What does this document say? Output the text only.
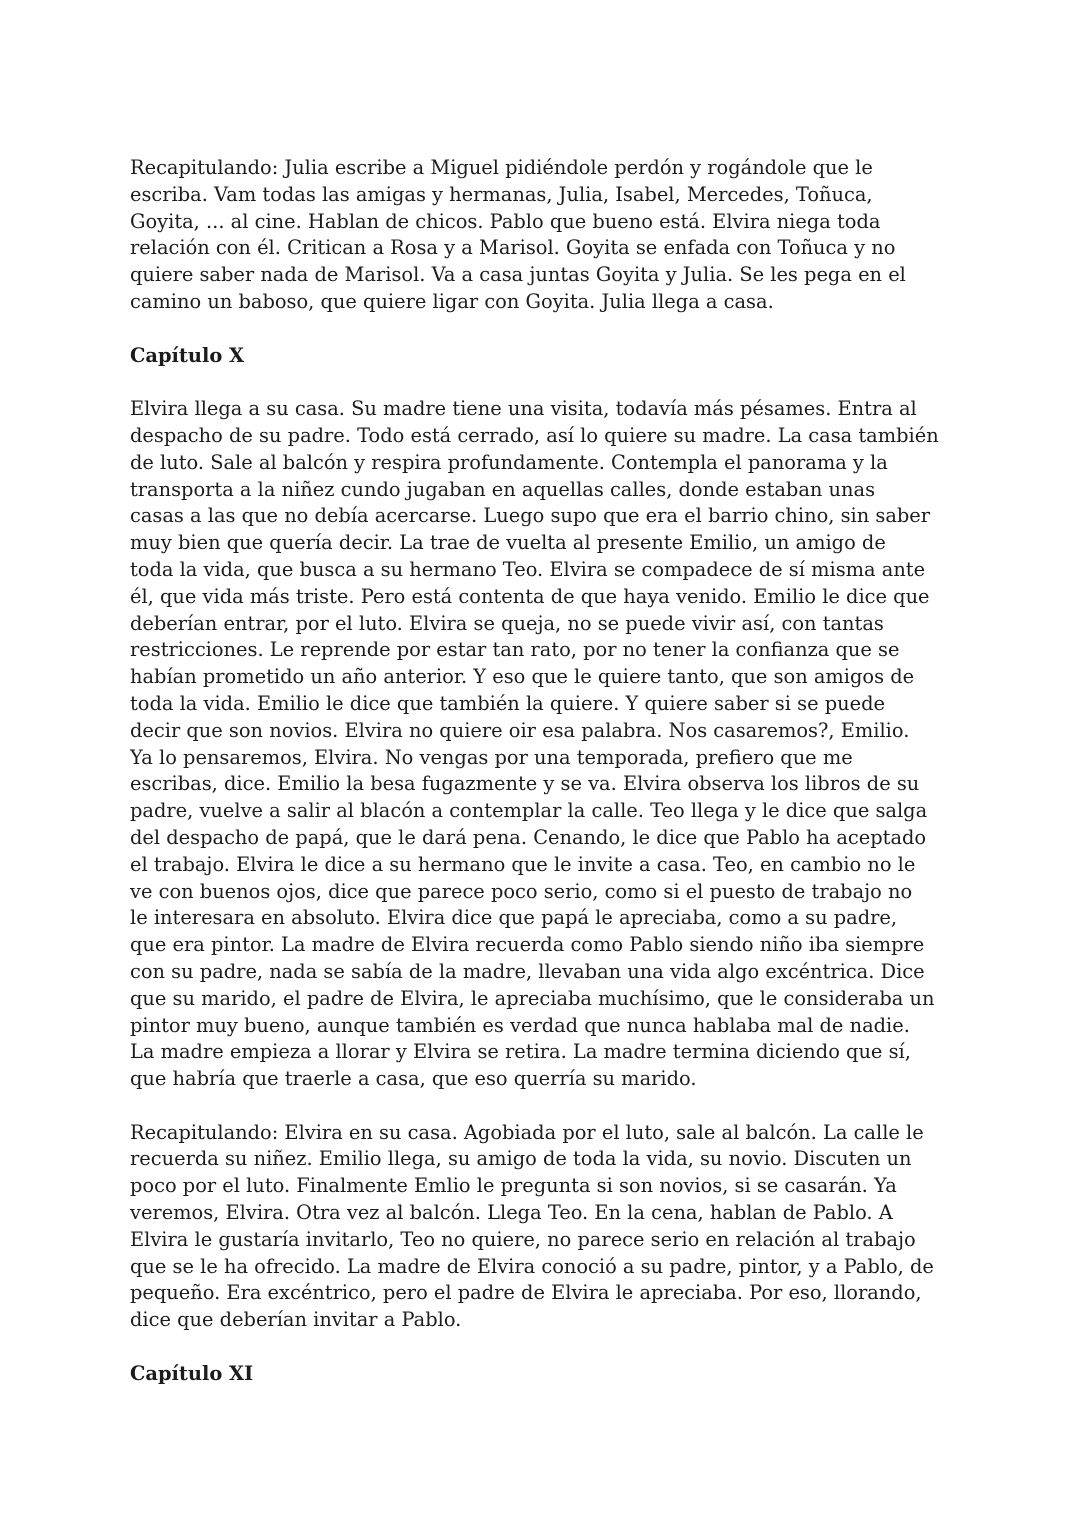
Recapitulando: Julia escribe a Miguel pidiéndole perdón y rogándole que le
escriba. Vam todas las amigas y hermanas, Julia, Isabel, Mercedes, Toñuca,
Goyita, ... al cine. Hablan de chicos. Pablo que bueno está. Elvira niega toda
relación con él. Critican a Rosa y a Marisol. Goyita se enfada con Toñuca y no
quiere saber nada de Marisol. Va a casa juntas Goyita y Julia. Se les pega en el
camino un baboso, que quiere ligar con Goyita. Julia llega a casa.

Capítulo X

Elvira llega a su casa. Su madre tiene una visita, todavía más pésames. Entra al
despacho de su padre. Todo está cerrado, así lo quiere su madre. La casa también
de luto. Sale al balcón y respira profundamente. Contempla el panorama y la
transporta a la niñez cundo jugaban en aquellas calles, donde estaban unas
casas a las que no debía acercarse. Luego supo que era el barrio chino, sin saber
muy bien que quería decir. La trae de vuelta al presente Emilio, un amigo de
toda la vida, que busca a su hermano Teo. Elvira se compadece de sí misma ante
él, que vida más triste. Pero está contenta de que haya venido. Emilio le dice que
deberían entrar, por el luto. Elvira se queja, no se puede vivir así, con tantas
restricciones. Le reprende por estar tan rato, por no tener la confianza que se
habían prometido un año anterior. Y eso que le quiere tanto, que son amigos de
toda la vida. Emilio le dice que también la quiere. Y quiere saber si se puede
decir que son novios. Elvira no quiere oir esa palabra. Nos casaremos?, Emilio.
Ya lo pensaremos, Elvira. No vengas por una temporada, prefiero que me
escribas, dice. Emilio la besa fugazmente y se va. Elvira observa los libros de su
padre, vuelve a salir al blacón a contemplar la calle. Teo llega y le dice que salga
del despacho de papá, que le dará pena. Cenando, le dice que Pablo ha aceptado
el trabajo. Elvira le dice a su hermano que le invite a casa. Teo, en cambio no le
ve con buenos ojos, dice que parece poco serio, como si el puesto de trabajo no
le interesara en absoluto. Elvira dice que papá le apreciaba, como a su padre,
que era pintor. La madre de Elvira recuerda como Pablo siendo niño iba siempre
con su padre, nada se sabía de la madre, llevaban una vida algo excéntrica. Dice
que su marido, el padre de Elvira, le apreciaba muchísimo, que le consideraba un
pintor muy bueno, aunque también es verdad que nunca hablaba mal de nadie.
La madre empieza a llorar y Elvira se retira. La madre termina diciendo que sí,
que habría que traerle a casa, que eso querría su marido.

Recapitulando: Elvira en su casa. Agobiada por el luto, sale al balcón. La calle le
recuerda su niñez. Emilio llega, su amigo de toda la vida, su novio. Discuten un
poco por el luto. Finalmente Emlio le pregunta si son novios, si se casarán. Ya
veremos, Elvira. Otra vez al balcón. Llega Teo. En la cena, hablan de Pablo. A
Elvira le gustaría invitarlo, Teo no quiere, no parece serio en relación al trabajo
que se le ha ofrecido. La madre de Elvira conoció a su padre, pintor, y a Pablo, de
pequeño. Era excéntrico, pero el padre de Elvira le apreciaba. Por eso, llorando,
dice que deberían invitar a Pablo.

Capítulo XI
